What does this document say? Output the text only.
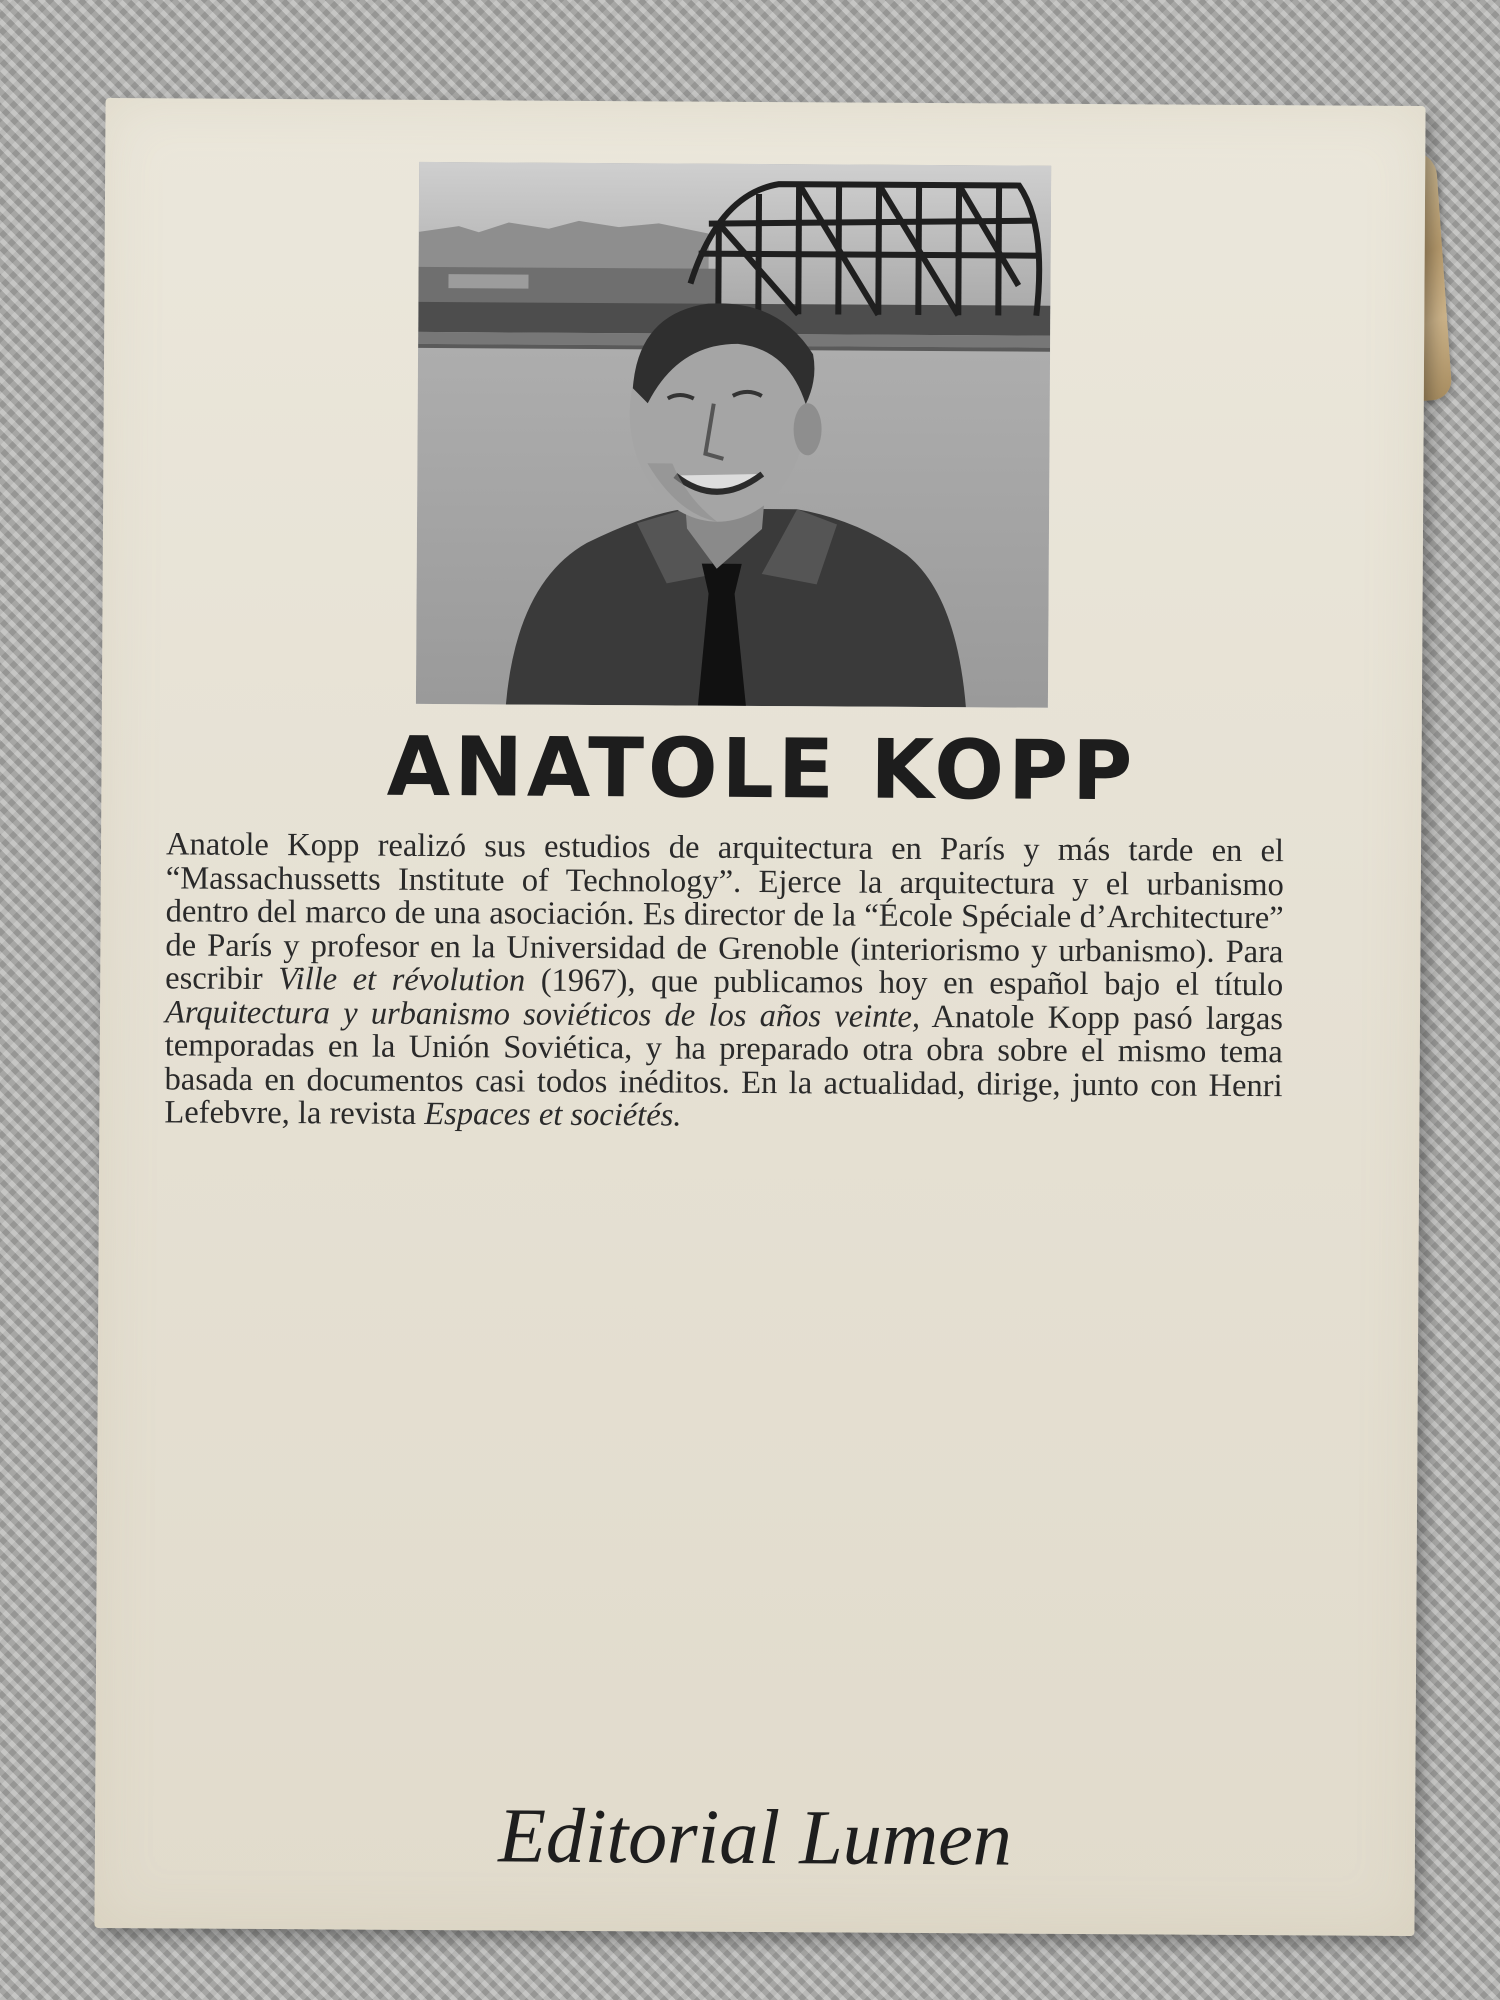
ANATOLE KOPP
Anatole Kopp realizó sus estudios de arquitectura en París y más tarde en el “Massachussetts Institute of Technology”. Ejerce la arquitectura y el urbanismo dentro del marco de una asociación. Es director de la “École Spéciale d’Architecture” de París y profesor en la Universidad de Grenoble (interiorismo y urbanismo). Para escribir Ville et révolution (1967), que publicamos hoy en español bajo el título Arquitectura y urbanismo soviéticos de los años veinte, Anatole Kopp pasó largas temporadas en la Unión Soviética, y ha preparado otra obra sobre el mismo tema basada en documentos casi todos inéditos. En la actualidad, dirige, junto con Henri Lefebvre, la revista Espaces et sociétés.
Editorial Lumen
